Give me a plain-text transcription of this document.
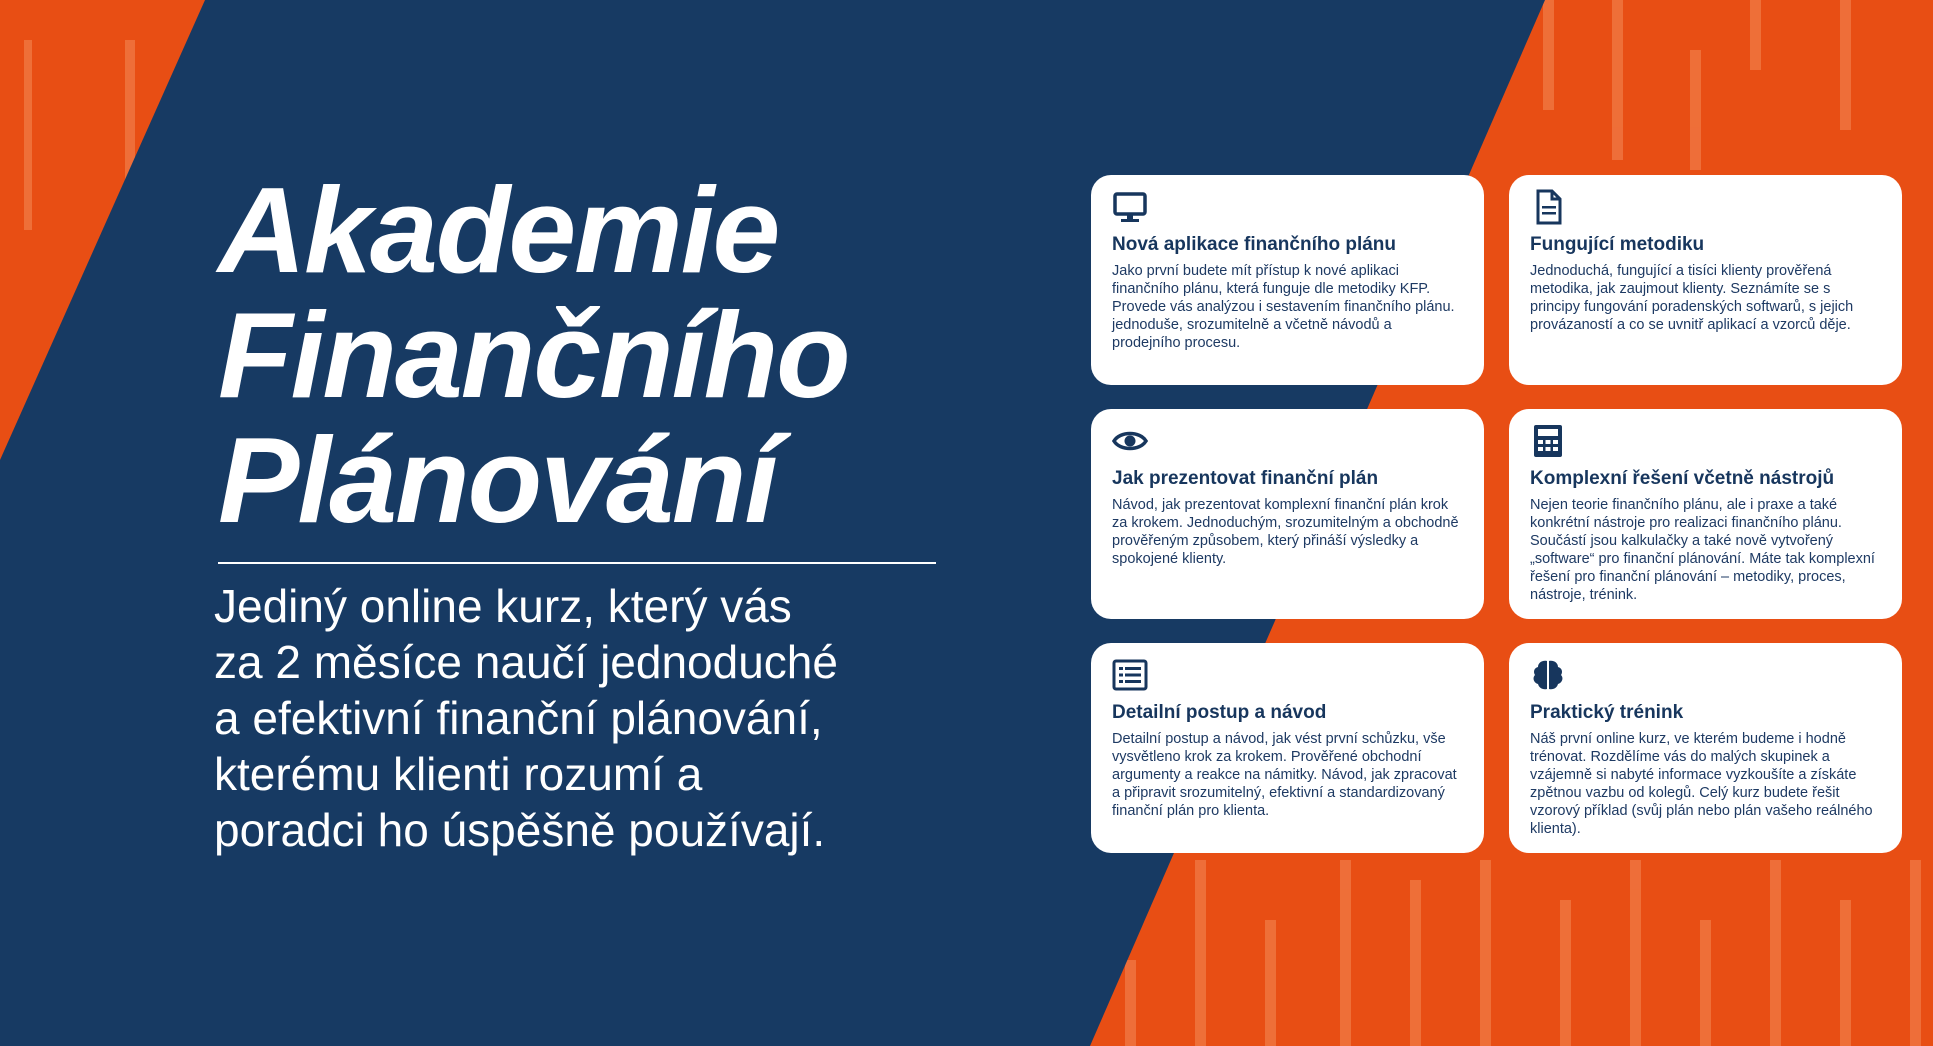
Akademie
Finančního
Plánování
Jediný online kurz, který vás
za 2 měsíce naučí jednoduché
a efektivní finanční plánování,
kterému klienti rozumí a
poradci ho úspěšně používají.
Nová aplikace finančního plánu

Jako první budete mít přístup k nové aplikaci finančního plánu, která funguje dle metodiky KFP. Provede vás analýzou i sestavením finančního plánu. jednoduše, srozumitelně a včetně návodů a prodejního procesu.

Fungující metodiku

Jednoduchá, fungující a tisíci klienty prověřená metodika, jak zaujmout klienty. Seznámíte se s principy fungování poradenských softwarů, s jejich provázaností a co se uvnitř aplikací a vzorců děje.

Jak prezentovat finanční plán

Návod, jak prezentovat komplexní finanční plán krok za krokem. Jednoduchým, srozumitelným a obchodně prověřeným způsobem, který přináší výsledky a spokojené klienty.

Komplexní řešení včetně nástrojů

Nejen teorie finančního plánu, ale i praxe a také konkrétní nástroje pro realizaci finančního plánu. Součástí jsou kalkulačky a také nově vytvořený „software“ pro finanční plánování. Máte tak komplexní řešení pro finanční plánování – metodiky, proces, nástroje, trénink.

Detailní postup a návod

Detailní postup a návod, jak vést první schůzku, vše vysvětleno krok za krokem. Prověřené obchodní argumenty a reakce na námitky. Návod, jak zpracovat a připravit srozumitelný, efektivní a standardizovaný finanční plán pro klienta.

Praktický trénink

Náš první online kurz, ve kterém budeme i hodně trénovat. Rozdělíme vás do malých skupinek a vzájemně si nabyté informace vyzkoušíte a získáte zpětnou vazbu od kolegů. Celý kurz budete řešit vzorový příklad (svůj plán nebo plán vašeho reálného klienta).
